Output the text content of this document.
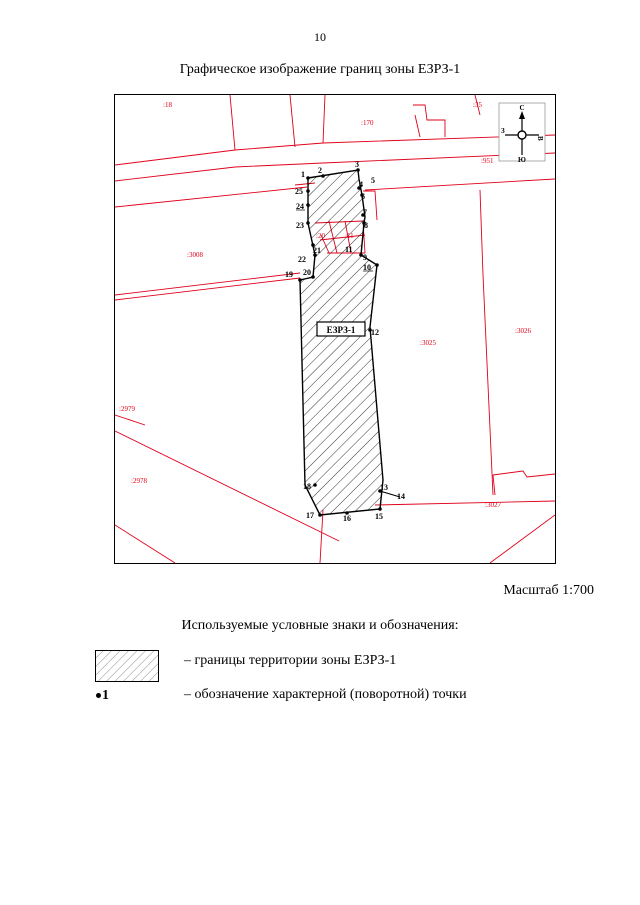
10
Графическое изображение границ зоны ЕЗРЗ-1
ЕЗРЗ-1
1 2
3
4 5
6
7
8
9
10
11
12
13
14
15
16
17
18
19 20
21
22
23
24
25
:18	:35
:170
:951
:3008
:3025
:3026
:2979
:2978
:3027
:20	:11
С
Ю
З
В
Масштаб 1:700
Используемые условные знаки и обозначения:
– границы территории зоны ЕЗРЗ-1
1	– обозначение характерной (поворотной) точки
